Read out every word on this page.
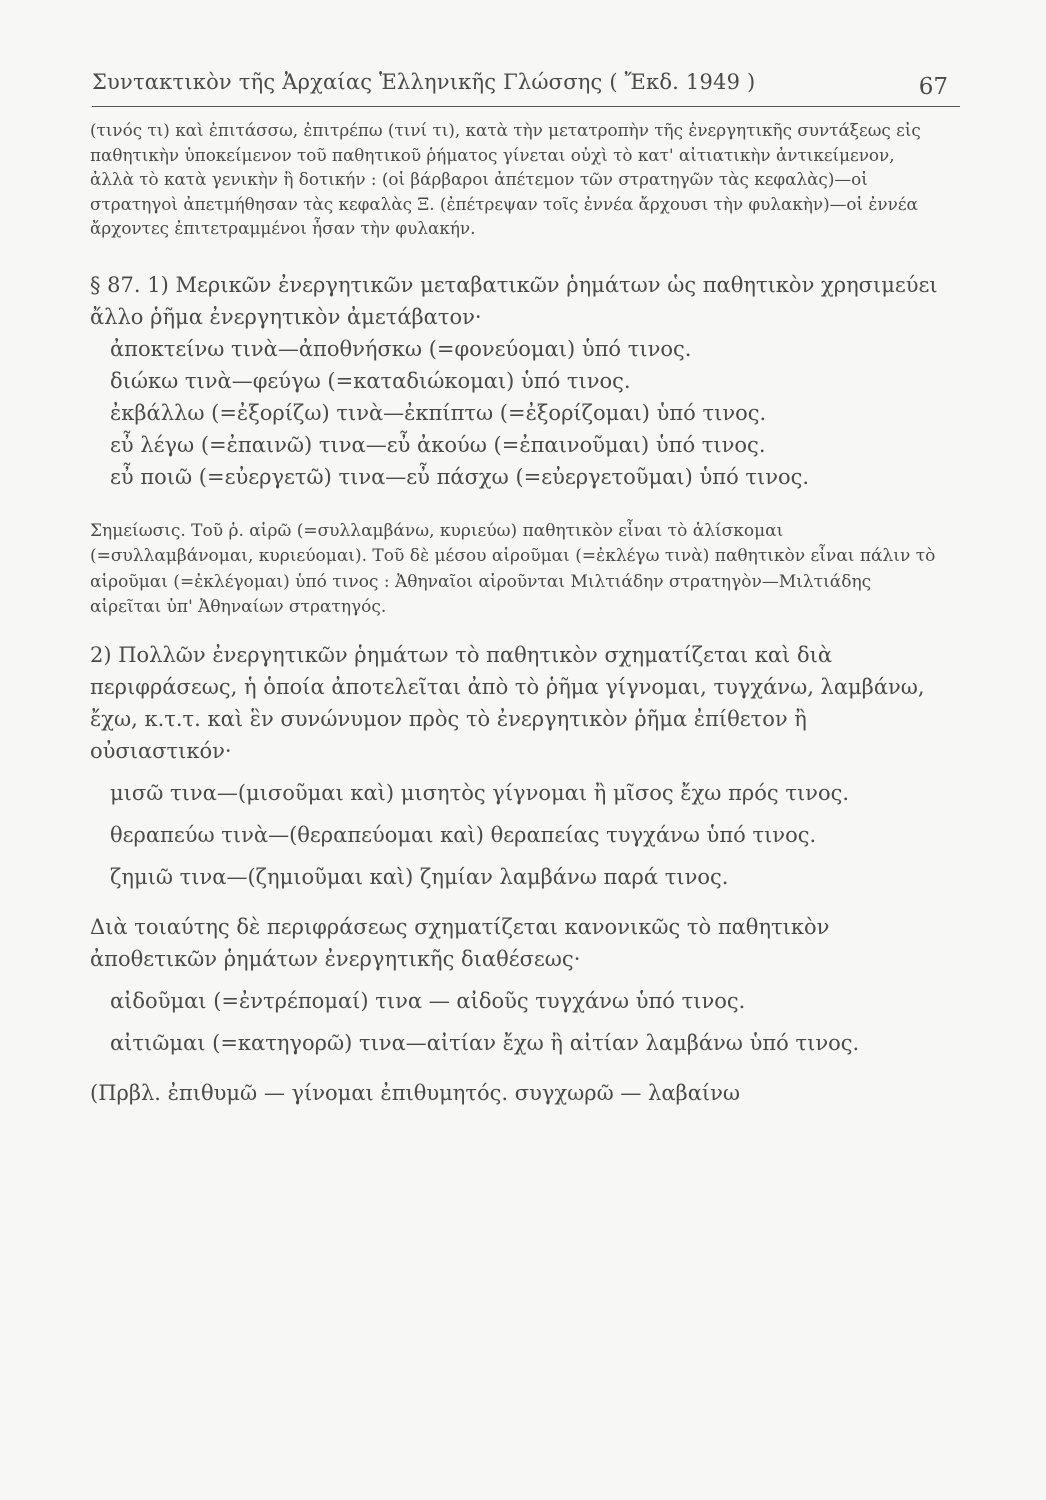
Συντακτικὸν τῆς Ἀρχαίας Ἑλληνικῆς Γλώσσης ( Ἔκδ. 1949 )	67

(τινός τι) καὶ ἐπιτάσσω, ἐπιτρέπω (τινί τι), κατὰ τὴν μετατροπὴν τῆς ἐνεργητικῆς συντάξεως εἰς παθητικὴν ὑποκείμενον τοῦ παθητικοῦ ῥήματος γίνεται οὐχὶ τὸ κατ' αἰτιατικὴν ἀντικείμενον, ἀλλὰ τὸ κατὰ γενικὴν ἢ δοτικήν : (οἱ βάρβαροι ἀπέτεμον τῶν στρατηγῶν τὰς κεφαλὰς)—οἱ στρατηγοὶ ἀπετμήθησαν τὰς κεφαλὰς Ξ. (ἐπέτρεψαν τοῖς ἐννέα ἄρχουσι τὴν φυλακὴν)—οἱ ἐννέα ἄρχοντες ἐπιτετραμμένοι ἦσαν τὴν φυλακήν.

§ 87. 1) Μερικῶν ἐνεργητικῶν μεταβατικῶν ῥημάτων ὡς παθητικὸν χρησιμεύει ἄλλο ῥῆμα ἐνεργητικὸν ἀμετάβατον·

ἀποκτείνω τινὰ—ἀποθνήσκω (=φονεύομαι) ὑπό τινος.

διώκω τινὰ—φεύγω (=καταδιώκομαι) ὑπό τινος.

ἐκβάλλω (=ἐξορίζω) τινὰ—ἐκπίπτω (=ἐξορίζομαι) ὑπό τινος.

εὖ λέγω (=ἐπαινῶ) τινα—εὖ ἀκούω (=ἐπαινοῦμαι) ὑπό τινος.

εὖ ποιῶ (=εὐεργετῶ) τινα—εὖ πάσχω (=εὐεργετοῦμαι) ὑπό τινος.

Σημείωσις. Τοῦ ῥ. αἱρῶ (=συλλαμβάνω, κυριεύω) παθητικὸν εἶναι τὸ ἁλίσκομαι (=συλλαμβάνομαι, κυριεύομαι). Τοῦ δὲ μέσου αἱροῦμαι (=ἐκλέγω τινὰ) παθητικὸν εἶναι πάλιν τὸ αἱροῦμαι (=ἐκλέγομαι) ὑπό τινος : Ἀθηναῖοι αἱροῦνται Μιλτιάδην στρατηγὸν—Μιλτιάδης αἱρεῖται ὑπ' Ἀθηναίων στρατηγός.

2) Πολλῶν ἐνεργητικῶν ῥημάτων τὸ παθητικὸν σχηματίζεται καὶ διὰ περιφράσεως, ἡ ὁποία ἀποτελεῖται ἀπὸ τὸ ῥῆμα γίγνομαι, τυγχάνω, λαμβάνω, ἔχω, κ.τ.τ. καὶ ἓν συνώνυμον πρὸς τὸ ἐνεργητικὸν ῥῆμα ἐπίθετον ἢ οὐσιαστικόν·

μισῶ τινα—(μισοῦμαι καὶ) μισητὸς γίγνομαι ἢ μῖσος ἔχω πρός τινος.

θεραπεύω τινὰ—(θεραπεύομαι καὶ) θεραπείας τυγχάνω ὑπό τινος.

ζημιῶ τινα—(ζημιοῦμαι καὶ) ζημίαν λαμβάνω παρά τινος.

Διὰ τοιαύτης δὲ περιφράσεως σχηματίζεται κανονικῶς τὸ παθητικὸν ἀποθετικῶν ῥημάτων ἐνεργητικῆς διαθέσεως·

αἰδοῦμαι (=ἐντρέπομαί) τινα — αἰδοῦς τυγχάνω ὑπό τινος.

αἰτιῶμαι (=κατηγορῶ) τινα—αἰτίαν ἔχω ἢ αἰτίαν λαμβάνω ὑπό τινος.

(Πρβλ. ἐπιθυμῶ — γίνομαι ἐπιθυμητός. συγχωρῶ — λαβαίνω
